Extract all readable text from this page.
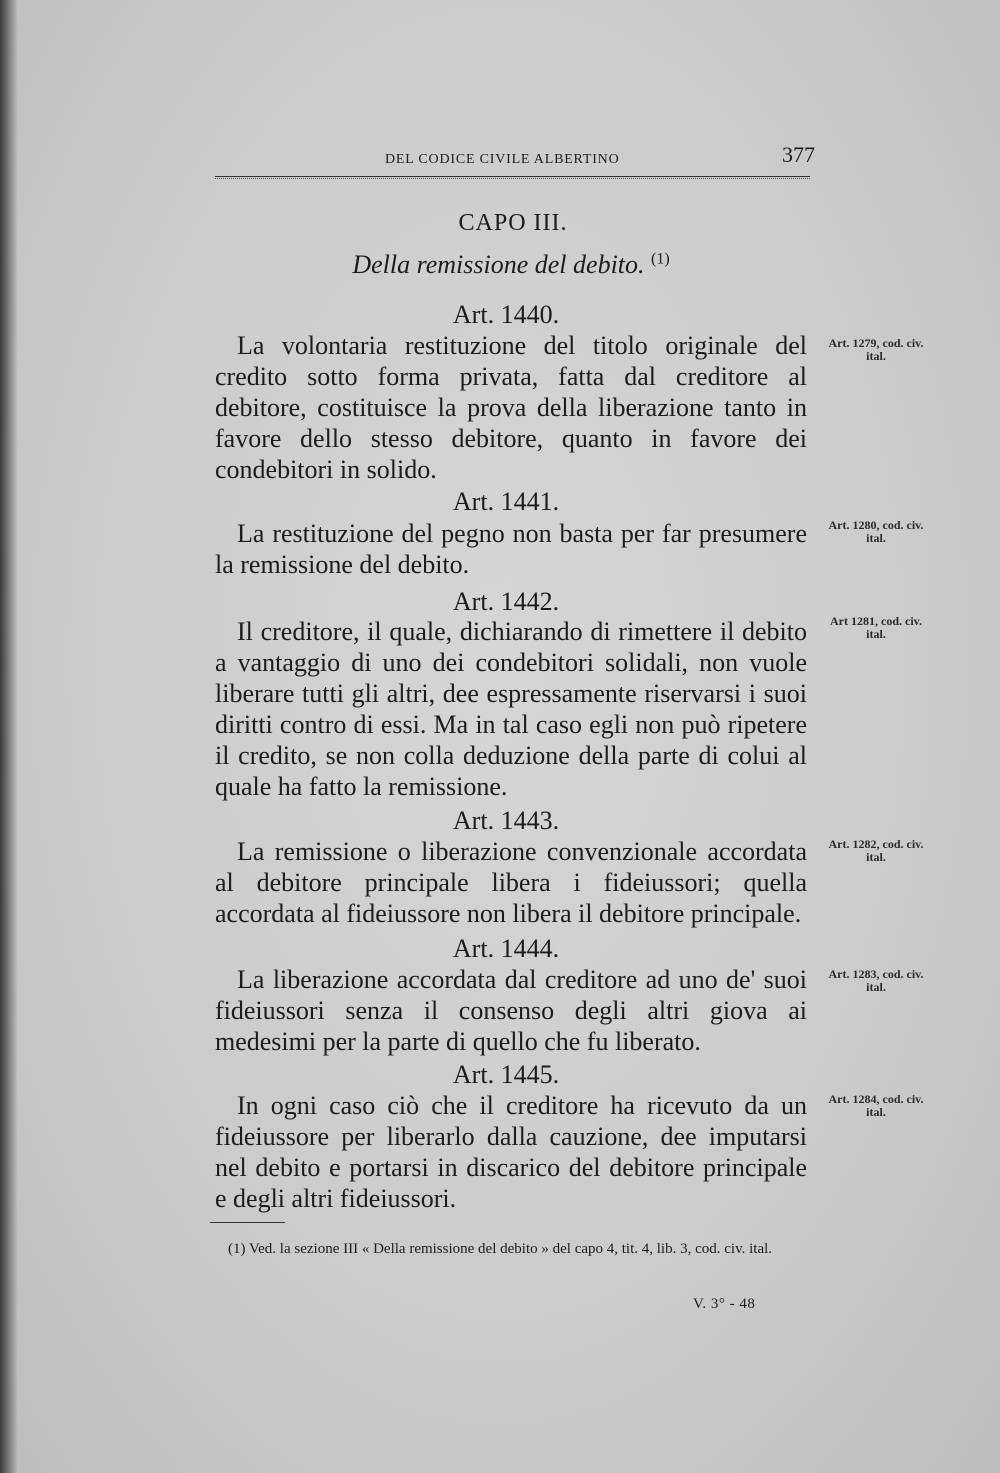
DEL CODICE CIVILE ALBERTINO	377
CAPO III.
Della remissione del debito. $^{(1)}$
Art. 1440.
La volontaria restituzione del titolo originale del credito sotto forma privata, fatta dal creditore al debitore, costituisce la prova della liberazione tanto in favore dello stesso debitore, quanto in favore dei condebitori in solido.
Art. 1279, cod. civ. ital.
Art. 1441.
La restituzione del pegno non basta per far presumere la remissione del debito.
Art. 1280, cod. civ. ital.
Art. 1442.
Il creditore, il quale, dichiarando di rimettere il debito a vantaggio di uno dei condebitori solidali, non vuole liberare tutti gli altri, dee espressamente riservarsi i suoi diritti contro di essi. Ma in tal caso egli non può ripetere il credito, se non colla deduzione della parte di colui al quale ha fatto la remissione.
Art 1281, cod. civ. ital.
Art. 1443.
La remissione o liberazione convenzionale accordata al debitore principale libera i fideiussori; quella accordata al fideiussore non libera il debitore principale.
Art. 1282, cod. civ. ital.
Art. 1444.
La liberazione accordata dal creditore ad uno de' suoi fideiussori senza il consenso degli altri giova ai medesimi per la parte di quello che fu liberato.
Art. 1283, cod. civ. ital.
Art. 1445.
In ogni caso ciò che il creditore ha ricevuto da un fideiussore per liberarlo dalla cauzione, dee imputarsi nel debito e portarsi in discarico del debitore principale e degli altri fideiussori.
Art. 1284, cod. civ. ital.
(1) Ved. la sezione III « Della remissione del debito » del capo 4, tit. 4, lib. 3, cod. civ. ital.
V. 3° - 48
